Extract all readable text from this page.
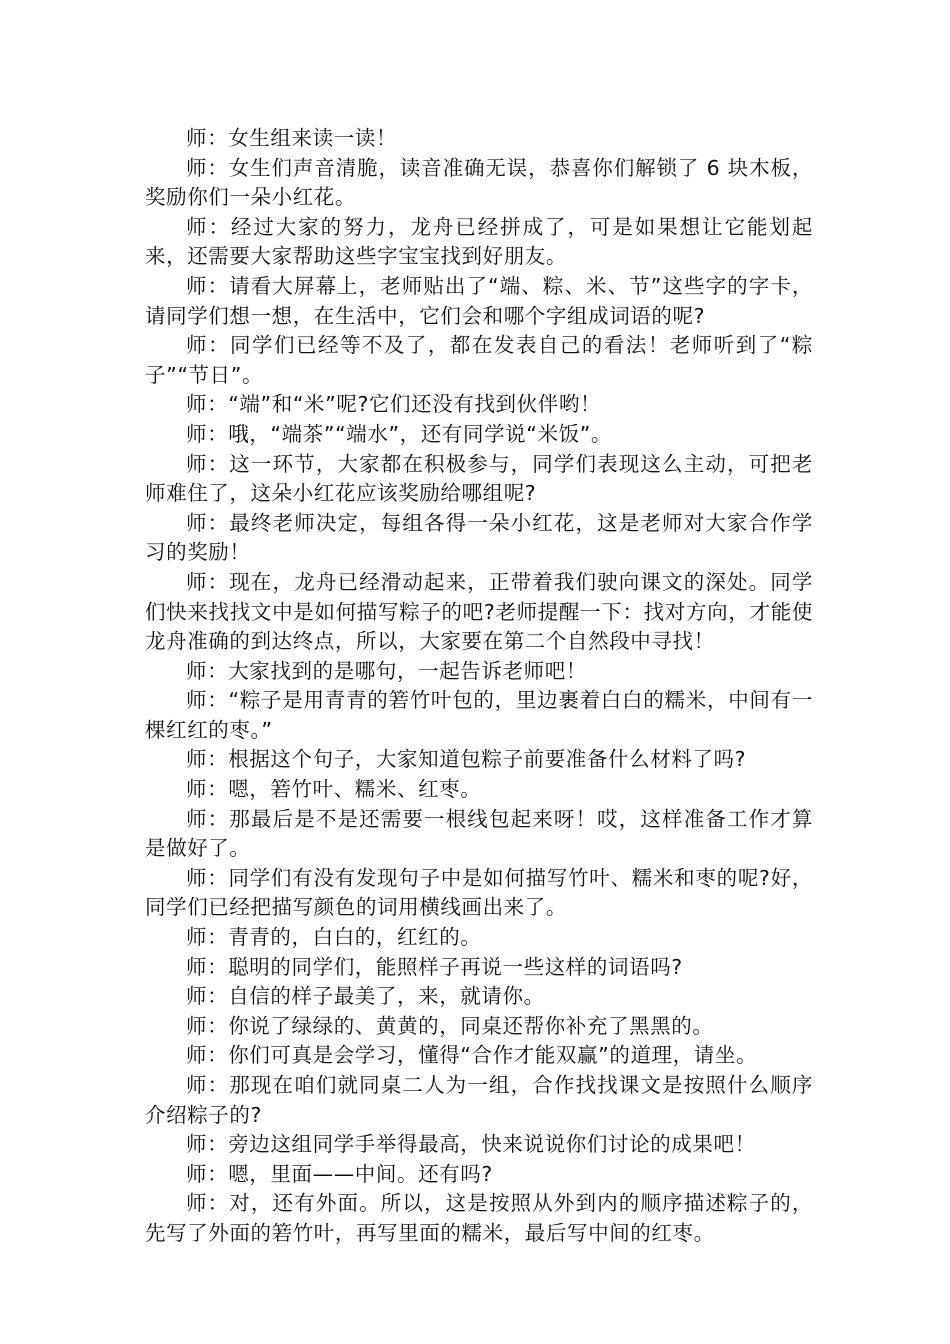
师：女生组来读一读！

师：女生们声音清脆，读音准确无误，恭喜你们解锁了 6 块木板，奖励你们一朵小红花。

师：经过大家的努力，龙舟已经拼成了，可是如果想让它能划起来，还需要大家帮助这些字宝宝找到好朋友。

师：请看大屏幕上，老师贴出了“端、粽、米、节”这些字的字卡，请同学们想一想，在生活中，它们会和哪个字组成词语的呢?

师：同学们已经等不及了，都在发表自己的看法！老师听到了“粽子”“节日”。

师：“端”和“米”呢?它们还没有找到伙伴哟！

师：哦，“端茶”“端水”，还有同学说“米饭”。

师：这一环节，大家都在积极参与，同学们表现这么主动，可把老师难住了，这朵小红花应该奖励给哪组呢?

师：最终老师决定，每组各得一朵小红花，这是老师对大家合作学习的奖励！

师：现在，龙舟已经滑动起来，正带着我们驶向课文的深处。同学们快来找找文中是如何描写粽子的吧?老师提醒一下：找对方向，才能使龙舟准确的到达终点，所以，大家要在第二个自然段中寻找！

师：大家找到的是哪句，一起告诉老师吧！

师：“粽子是用青青的箬竹叶包的，里边裹着白白的糯米，中间有一棵红红的枣。”

师：根据这个句子，大家知道包粽子前要准备什么材料了吗?

师：嗯，箬竹叶、糯米、红枣。

师：那最后是不是还需要一根线包起来呀！哎，这样准备工作才算是做好了。

师：同学们有没有发现句子中是如何描写竹叶、糯米和枣的呢?好，同学们已经把描写颜色的词用横线画出来了。

师：青青的，白白的，红红的。

师：聪明的同学们，能照样子再说一些这样的词语吗?

师：自信的样子最美了，来，就请你。

师：你说了绿绿的、黄黄的，同桌还帮你补充了黑黑的。

师：你们可真是会学习，懂得“合作才能双赢”的道理，请坐。

师：那现在咱们就同桌二人为一组，合作找找课文是按照什么顺序介绍粽子的?

师：旁边这组同学手举得最高，快来说说你们讨论的成果吧！

师：嗯，里面——中间。还有吗?

师：对，还有外面。所以，这是按照从外到内的顺序描述粽子的，先写了外面的箬竹叶，再写里面的糯米，最后写中间的红枣。
